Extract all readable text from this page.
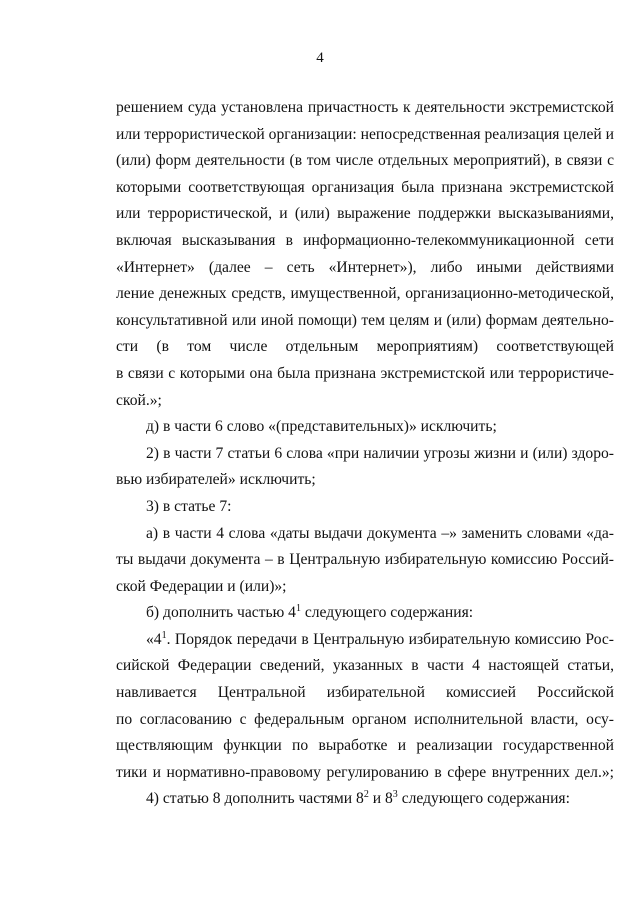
4
решением суда установлена причастность к деятельности экстремистской
или террористической организации: непосредственная реализация целей и
(или) форм деятельности (в том числе отдельных мероприятий), в связи с
которыми соответствующая организация была признана экстремистской
или террористической, и (или) выражение поддержки высказываниями,
включая высказывания в информационно-телекоммуникационной сети
«Интернет» (далее – сеть «Интернет»), либо иными действиями
ление денежных средств, имущественной, организационно-методической,
консультативной или иной помощи) тем целям и (или) формам деятельно-
сти (в том числе отдельным мероприятиям) соответствующей
в связи с которыми она была признана экстремистской или террористиче-
ской.»;
д) в части 6 слово «(представительных)» исключить;
2) в части 7 статьи 6 слова «при наличии угрозы жизни и (или) здоро-
вью избирателей» исключить;
3) в статье 7:
а) в части 4 слова «даты выдачи документа –» заменить словами «да-
ты выдачи документа – в Центральную избирательную комиссию Россий-
ской Федерации и (или)»;
б) дополнить частью $4^1$ следующего содержания:
«$4^1$. Порядок передачи в Центральную избирательную комиссию Рос-
сийской Федерации сведений, указанных в части 4 настоящей статьи,
навливается Центральной избирательной комиссией Российской
по согласованию с федеральным органом исполнительной власти, осу-
ществляющим функции по выработке и реализации государственной
тики и нормативно-правовому регулированию в сфере внутренних дел.»;
4) статью 8 дополнить частями $8^2$ и $8^3$ следующего содержания:
